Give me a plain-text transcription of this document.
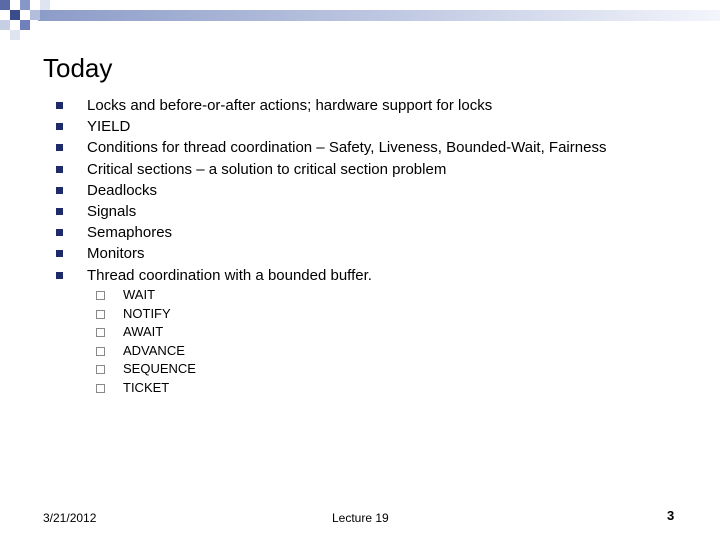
Today
Locks and before-or-after actions; hardware support for locks
YIELD
Conditions for thread coordination – Safety, Liveness, Bounded-Wait, Fairness
Critical sections – a solution to critical section problem
Deadlocks
Signals
Semaphores
Monitors
Thread coordination with a bounded buffer.
WAIT
NOTIFY
AWAIT
ADVANCE
SEQUENCE
TICKET
3/21/2012	Lecture 19	3
